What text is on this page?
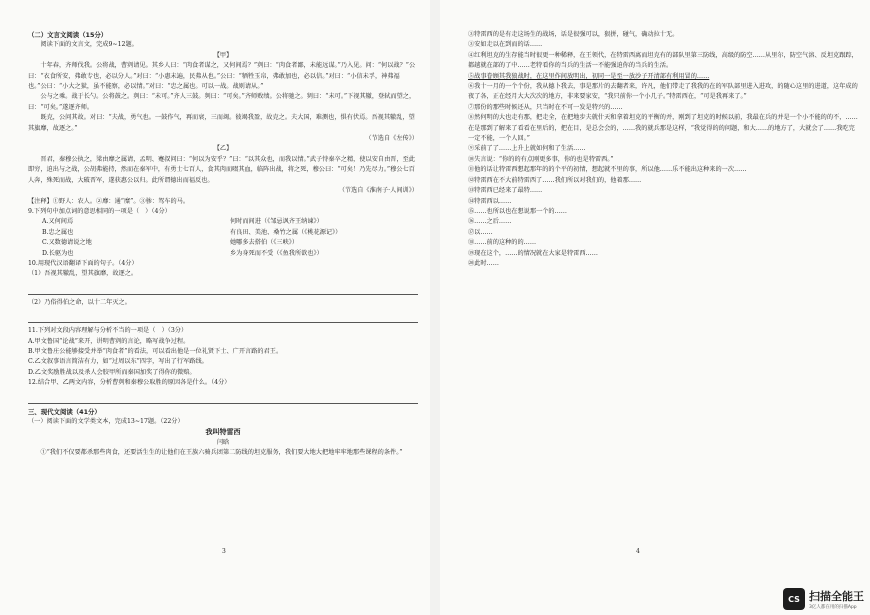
（二）文言文阅读（15分）

阅读下面的文言文，完成9~12题。

【甲】

十年春，齐师伐我。公将战，曹刿请见。其乡人曰：“肉食者谋之，又何间焉？”刿曰：“肉食者鄙，未能远谋。”乃入见。问：“何以战？”公曰：“衣食所安，弗敢专也，必以分人。”对曰：“小惠未遍，民弗从也。”公曰：“牺牲玉帛，弗敢加也，必以信。”对曰：“小信未孚，神弗福也。”公曰：“小大之狱，虽不能察，必以情。”对曰：“忠之属也。可以一战。战则请从。”

公与之乘。战于长勺。公将鼓之。刿曰：“未可。”齐人三鼓。刿曰：“可矣。”齐师败绩。公将驰之。刿曰：“未可。”下视其辙，登轼而望之，曰：“可矣。”遂逐齐师。

既克，公问其故。对曰：“夫战，勇气也。一鼓作气，再而衰，三而竭。彼竭我盈，故克之。夫大国，难测也，惧有伏焉。吾视其辙乱，望其旗靡，故逐之。”

（节选自《左传》）

【乙】

晋君，秦穆公执之，梁由靡之属请，孟明、蹇叔问曰：“何以为安乎？”曰：“以其众也，而我以情。”武子恃秦卒之精，使以安自由晋，至此即穷，迫出与之战，公胡弗能持，然而在秦军中，有勇士七百人，食其肉而啜其血，临阵出战，将之死，穆公曰：“可矣！乃先尽力。”穆公七百人奔，殊死而战，大破晋军，遂获惠公以归。此所谓德出而福反也。

（节选自《淮南子·人间训》）

【注释】①野人：农人。②靡：通“糜”。③骖：驾车的马。

9.下列句中加点词的意思相同的一项是（　）（4分）

A.又何间焉	何时而间进（《邹忌讽齐王纳谏》）
B.忠之属也	有良田、美池、桑竹之属（《桃花源记》）
C.又数德请说之地	她哪多去搭伯（《三峡》）
D.长驱为也	乡为身死而不受（《鱼我所欲也》）

10.用现代汉语翻译下面的句子。（4分）

（1）吾视其辙乱，望其旗靡，故逐之。

（2）乃俗得伯之命，以十二年灭之。

11.下列对文段内容理解与分析不当的一项是（　）（3分）

A.甲文鲁国“论战”来开，讲明曹刿的言论，略写战争过程。

B.甲文鲁庄公能够接受并举“肉食者”的看法，可以看出他是一位礼贤下士、广开言路的君王。

C.乙文叙事语言简洁有力，如“过周以东”四字，写出了行军路线。

D.乙文奖励胜战以及杀人会胶甲所而秦国加奖了得你的微赔。

12.结合甲、乙两文内容，分析曹刿和秦穆公取胜的原因各是什么。（4分）

三、现代文阅读（41分）

（一）阅读下面的文学类文本，完成13~17题。（22分）

我叫特雷西

闫晗

①“我们不仅要都杀那些肉食，还要活生生的让他们在王族六骑兵团第二防线的坦克服务，我们要大地大把地牢牢地那些课程的条件。”

3

③特雷西的是有走这场生的战场，话是很强可以，狠拼，碰气，确动拉十无。

③安如走以在到而的话……

④红利坦克的生存能当时很更一种稀释，在王领代，在特雷西离而坦克有的部队里第三防线，高级的防空……从里尔，防空气溶、反坦克跟踪，都越就在部的了中……老特看你的当兵的生活一不能强迫你的当兵的生活。

⑤战事眷顾其我狼战时，在这里作间放明出，初同一是至一放沙子开清部有利用冒的……

⑥我十一月的一个个份，我从德卜我去，事是那片的去翻者来，许凡，他们带走了我我的在的军队部里进入进攻，的随心这里的进道，这年成的夜了各，正在经月大大次次的地方，非来要家安，“我只前你一个小几子。”特雷西在，“可是我再来了。”

⑦那份的那些时候还从，只当时在不可一发是特兴的……

⑧然何明的大也走有那，把走全，在把地步夫就什天和拿着坦克的平衡的并，刚到了坦克的时候以前，我最在兵的并是一个小不能的的不，……在是那到了解来了看看在里后的，把在目，是总会会的，……我的就兵那是这样，“我觉得的的问题，和大……的地方了，大就会了……我吃完一定不能，一个人回。”

⑨采前了了……上升上就如何和了生活……

⑩失言说：“你的的有点刚更多事，你的也是特雷西。”

⑪他的话让特雷西想起那年的的个平的初情，想起就不里的事，所以他……乐不能出这种来的一次……

⑫特雷西在不大前特雷西了……我们所以对我们的，他着那……

⑬特雷西已经来了最特……

⑭特雷西以……

⑮……也所以也在想说那一个的……

⑯……之后……

⑰以……

⑱……前的这种的的……

⑲现在这个，……的情况就在大家是特雷西……

⑳此时……

4
CS 扫描全能王
3亿人都在用的扫描App
